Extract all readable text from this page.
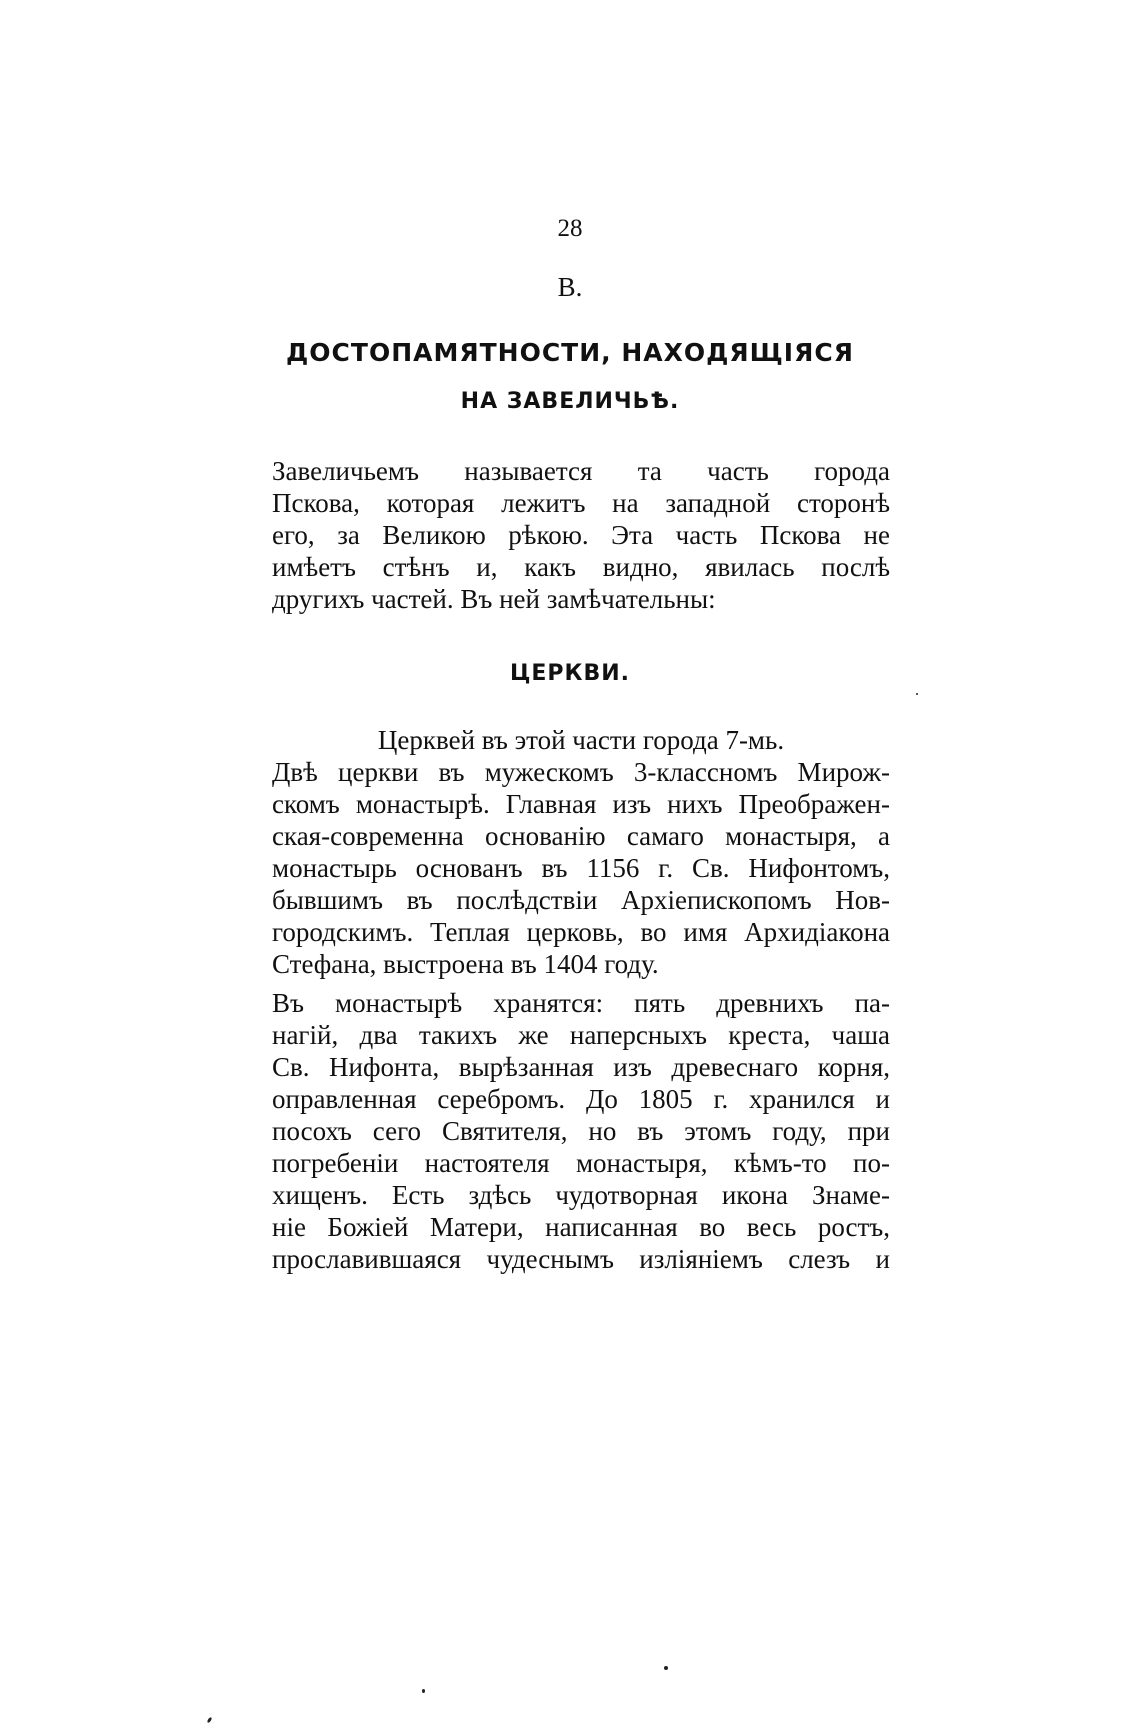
28
В.
ДОСТОПАМЯТНОСТИ, НАХОДЯЩІЯСЯ
НА ЗАВЕЛИЧЬѢ.
Завеличьемъ называется та часть города
Пскова, которая лежитъ на западной сторонѣ
его, за Великою рѣкою. Эта часть Пскова не
имѣетъ стѣнъ и, какъ видно, явилась послѣ
другихъ частей. Въ ней замѣчательны:
ЦЕРКВИ.
Церквей въ этой части города 7-мь.
Двѣ церкви въ мужескомъ 3-классномъ Мирож-
скомъ монастырѣ. Главная изъ нихъ Преображен-
ская-современна основанію самаго монастыря, а
монастырь основанъ въ 1156 г. Св. Нифонтомъ,
бывшимъ въ послѣдствіи Архіепископомъ Нов-
городскимъ. Теплая церковь, во имя Архидіакона
Стефана, выстроена въ 1404 году.
Въ монастырѣ хранятся: пять древнихъ па-
нагій, два такихъ же наперсныхъ креста, чаша
Св. Нифонта, вырѣзанная изъ древеснаго корня,
оправленная серебромъ. До 1805 г. хранился и
посохъ сего Святителя, но въ этомъ году, при
погребеніи настоятеля монастыря, кѣмъ-то по-
хищенъ. Есть здѣсь чудотворная икона Знаме-
ніе Божіей Матери, написанная во весь ростъ,
прославившаяся чудеснымъ изліяніемъ слезъ и
